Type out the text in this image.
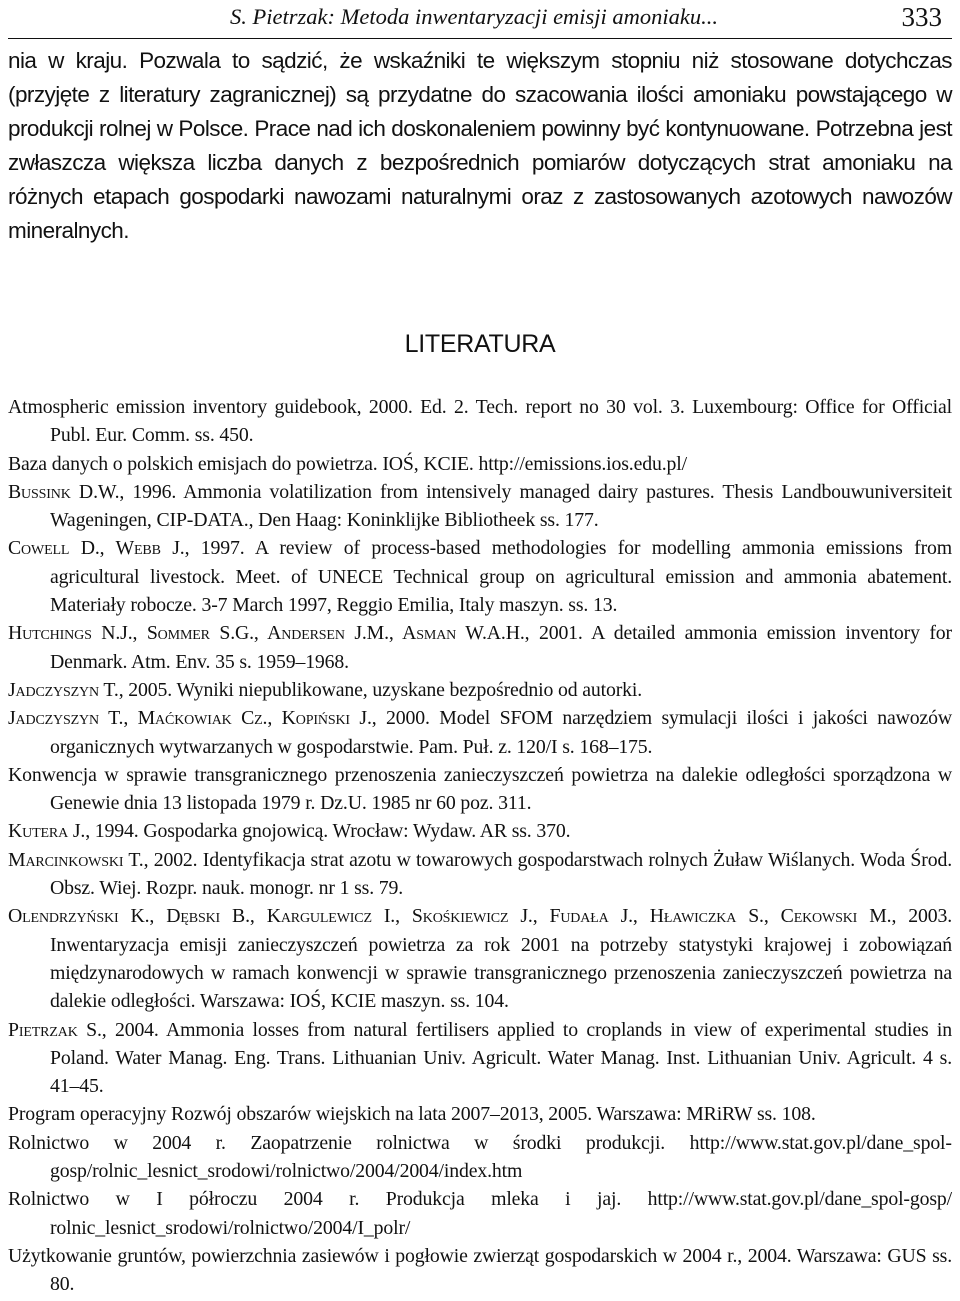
S. Pietrzak: Metoda inwentaryzacji emisji amoniaku...	333

nia w kraju. Pozwala to sądzić, że wskaźniki te większym stopniu niż stosowane dotychczas (przyjęte z literatury zagranicznej) są przydatne do szacowania ilości amoniaku powstającego w produkcji rolnej w Polsce. Prace nad ich doskonaleniem powinny być kontynuowane. Potrzebna jest zwłaszcza większa liczba danych z bezpośrednich pomiarów dotyczących strat amoniaku na różnych etapach gospodarki nawozami naturalnymi oraz z zastosowanych azotowych nawozów mineralnych.

LITERATURA
Atmospheric emission inventory guidebook, 2000. Ed. 2. Tech. report no 30 vol. 3. Luxembourg: Office for Official Publ. Eur. Comm. ss. 450.
Baza danych o polskich emisjach do powietrza. IOŚ, KCIE. http://emissions.ios.edu.pl/
Bussink D.W., 1996. Ammonia volatilization from intensively managed dairy pastures. Thesis Landbouwuniversiteit Wageningen, CIP-DATA., Den Haag: Koninklijke Bibliotheek ss. 177.
Cowell D., Webb J., 1997. A review of process-based methodologies for modelling ammonia emissions from agricultural livestock. Meet. of UNECE Technical group on agricultural emission and ammonia abatement. Materiały robocze. 3-7 March 1997, Reggio Emilia, Italy maszyn. ss. 13.
Hutchings N.J., Sommer S.G., Andersen J.M., Asman W.A.H., 2001. A detailed ammonia emission inventory for Denmark. Atm. Env. 35 s. 1959–1968.
Jadczyszyn T., 2005. Wyniki niepublikowane, uzyskane bezpośrednio od autorki.
Jadczyszyn T., Maćkowiak Cz., Kopiński J., 2000. Model SFOM narzędziem symulacji ilości i jakości nawozów organicznych wytwarzanych w gospodarstwie. Pam. Puł. z. 120/I s. 168–175.
Konwencja w sprawie transgranicznego przenoszenia zanieczyszczeń powietrza na dalekie odległości sporządzona w Genewie dnia 13 listopada 1979 r. Dz.U. 1985 nr 60 poz. 311.
Kutera J., 1994. Gospodarka gnojowicą. Wrocław: Wydaw. AR ss. 370.
Marcinkowski T., 2002. Identyfikacja strat azotu w towarowych gospodarstwach rolnych Żuław Wiślanych. Woda Środ. Obsz. Wiej. Rozpr. nauk. monogr. nr 1 ss. 79.
Olendrzyński K., Dębski B., Kargulewicz I., Skośkiewicz J., Fudała J., Hławiczka S., Cekowski M., 2003. Inwentaryzacja emisji zanieczyszczeń powietrza za rok 2001 na potrzeby statystyki krajowej i zobowiązań międzynarodowych w ramach konwencji w sprawie transgranicznego przenoszenia zanieczyszczeń powietrza na dalekie odległości. Warszawa: IOŚ, KCIE maszyn. ss. 104.
Pietrzak S., 2004. Ammonia losses from natural fertilisers applied to croplands in view of experimental studies in Poland. Water Manag. Eng. Trans. Lithuanian Univ. Agricult. Water Manag. Inst. Lithuanian Univ. Agricult. 4 s. 41–45.
Program operacyjny Rozwój obszarów wiejskich na lata 2007–2013, 2005. Warszawa: MRiRW ss. 108.
Rolnictwo w 2004 r. Zaopatrzenie rolnictwa w środki produkcji. http://www.stat.gov.pl/dane_spolgosp/rolnic_lesnict_srodowi/rolnictwo/2004/2004/index.htm
Rolnictwo w I półroczu 2004 r. Produkcja mleka i jaj. http://www.stat.gov.pl/dane_spol-gosp/ rolnic_lesnict_srodowi/rolnictwo/2004/I_polr/
Użytkowanie gruntów, powierzchnia zasiewów i pogłowie zwierząt gospodarskich w 2004 r., 2004. Warszawa: GUS ss. 80.
